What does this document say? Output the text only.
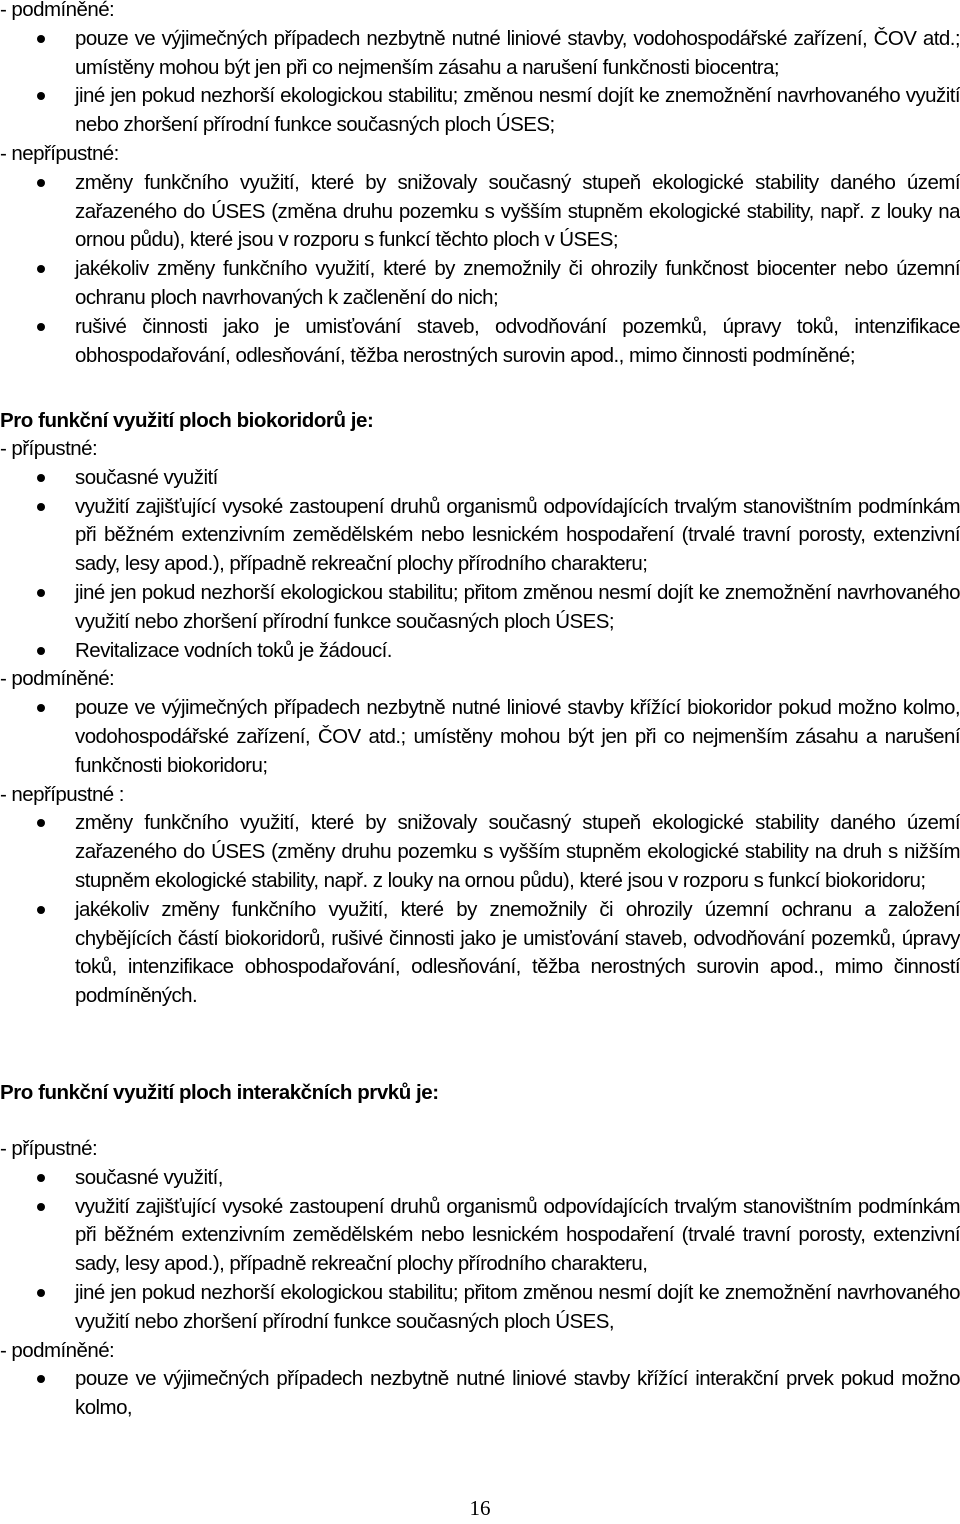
- podmíněné:
pouze ve výjimečných případech nezbytně nutné liniové stavby, vodohospodářské zařízení, ČOV atd.; umístěny mohou být jen při co nejmenším zásahu a narušení funkčnosti biocentra;
jiné jen pokud nezhorší ekologickou stabilitu; změnou nesmí dojít ke znemožnění navrhovaného využití nebo zhoršení přírodní funkce současných ploch ÚSES;
- nepřípustné:
změny funkčního využití, které by snižovaly současný stupeň ekologické stability daného území zařazeného do ÚSES (změna druhu pozemku s vyšším stupněm ekologické stability, např. z louky na ornou půdu), které jsou v rozporu s funkcí těchto ploch v ÚSES;
jakékoliv změny funkčního využití, které by znemožnily či ohrozily funkčnost biocenter nebo územní ochranu ploch navrhovaných k začlenění do nich;
rušivé činnosti jako je umisťování staveb, odvodňování pozemků, úpravy toků, intenzifikace obhospodařování, odlesňování, těžba nerostných surovin apod., mimo činnosti podmíněné;
Pro funkční využití ploch biokoridorů je:
- přípustné:
současné využití
využití zajišťující vysoké zastoupení druhů organismů odpovídajících trvalým stanovištním podmínkám při běžném extenzivním zemědělském nebo lesnickém hospodaření (trvalé travní porosty, extenzivní sady, lesy apod.), případně rekreační plochy přírodního charakteru;
jiné jen pokud nezhorší ekologickou stabilitu; přitom změnou nesmí dojít ke znemožnění navrhovaného využití nebo zhoršení přírodní funkce současných ploch ÚSES;
Revitalizace vodních toků je žádoucí.
- podmíněné:
pouze ve výjimečných případech nezbytně nutné liniové stavby křížící biokoridor pokud možno kolmo, vodohospodářské zařízení, ČOV atd.; umístěny mohou být jen při co nejmenším zásahu a narušení funkčnosti biokoridoru;
- nepřípustné :
změny funkčního využití, které by snižovaly současný stupeň ekologické stability daného území zařazeného do ÚSES (změny druhu pozemku s vyšším stupněm ekologické stability na druh s nižším stupněm ekologické stability, např. z louky na ornou půdu), které jsou v rozporu s funkcí biokoridoru;
jakékoliv změny funkčního využití, které by znemožnily či ohrozily územní ochranu a založení chybějících částí biokoridorů, rušivé činnosti jako je umisťování staveb, odvodňování pozemků, úpravy toků, intenzifikace obhospodařování, odlesňování, těžba nerostných surovin apod., mimo činností podmíněných.
Pro funkční využití ploch interakčních prvků je:
- přípustné:
současné využití,
využití zajišťující vysoké zastoupení druhů organismů odpovídajících trvalým stanovištním podmínkám při běžném extenzivním zemědělském nebo lesnickém hospodaření (trvalé travní porosty, extenzivní sady, lesy apod.), případně rekreační plochy přírodního charakteru,
jiné jen pokud nezhorší ekologickou stabilitu; přitom změnou nesmí dojít ke znemožnění navrhovaného využití nebo zhoršení přírodní funkce současných ploch ÚSES,
- podmíněné:
pouze ve výjimečných případech nezbytně nutné liniové stavby křížící interakční prvek pokud možno kolmo,
16
